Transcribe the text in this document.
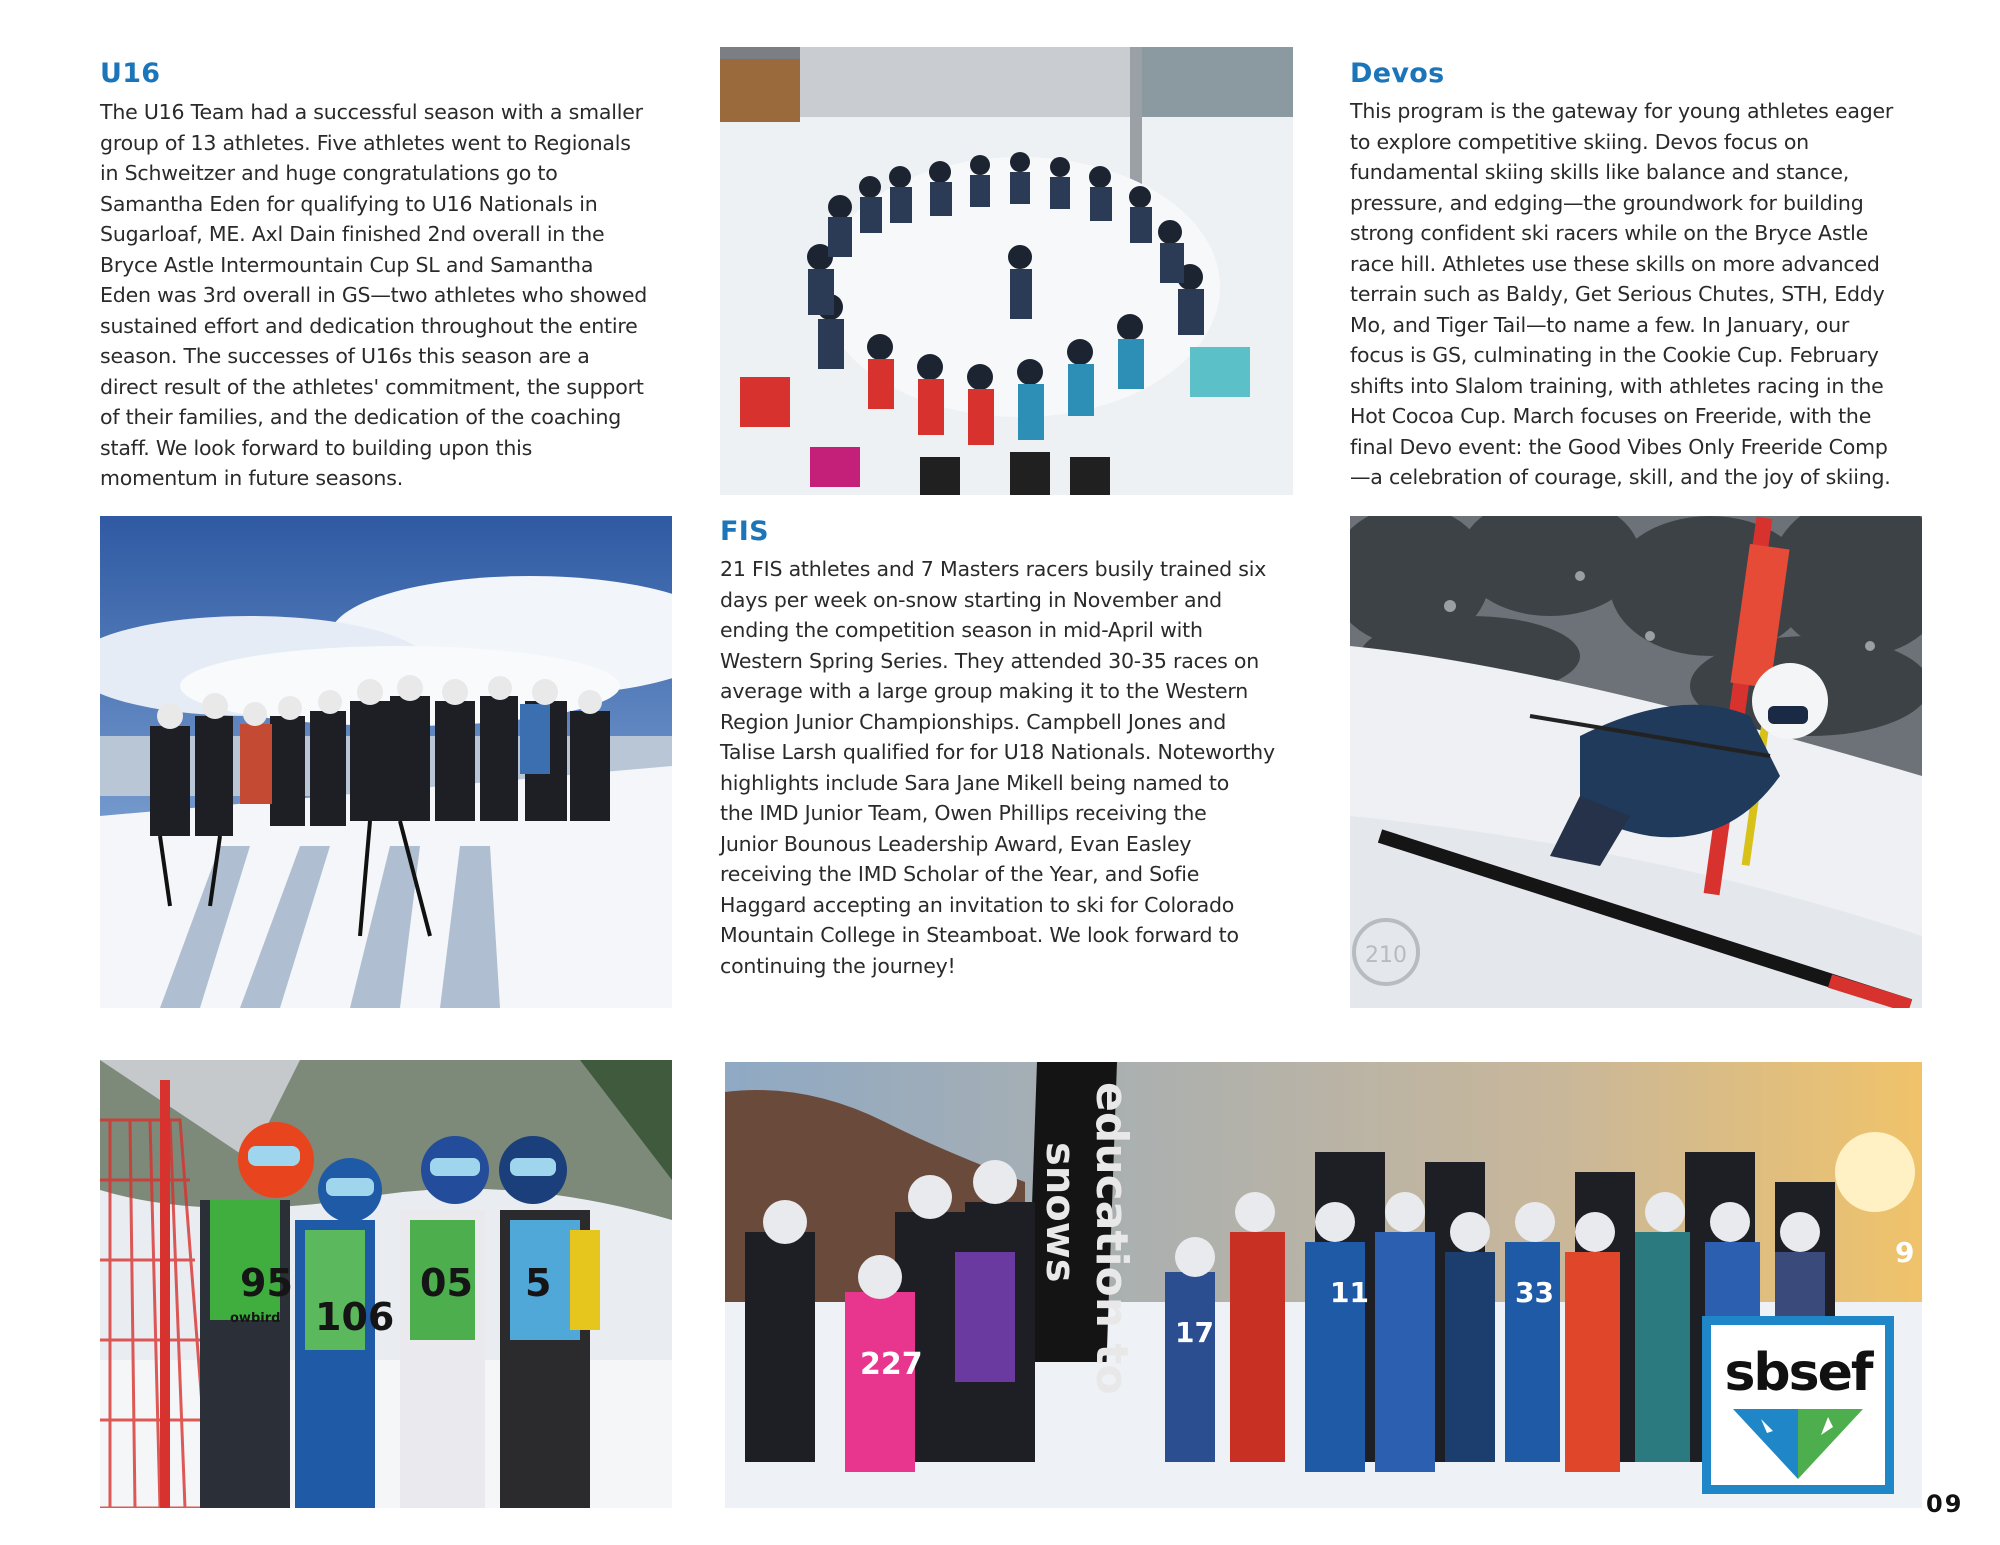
U16

The U16 Team had a successful season with a smaller
group of 13 athletes. Five athletes went to Regionals
in Schweitzer and huge congratulations go to
Samantha Eden for qualifying to U16 Nationals in
Sugarloaf, ME. Axl Dain finished 2nd overall in the
Bryce Astle Intermountain Cup SL and Samantha
Eden was 3rd overall in GS—two athletes who showed
sustained effort and dedication throughout the entire
season. The successes of U16s this season are a
direct result of the athletes' commitment, the support
of their families, and the dedication of the coaching
staff. We look forward to building upon this
momentum in future seasons.

Devos

This program is the gateway for young athletes eager
to explore competitive skiing. Devos focus on
fundamental skiing skills like balance and stance,
pressure, and edging—the groundwork for building
strong confident ski racers while on the Bryce Astle
race hill. Athletes use these skills on more advanced
terrain such as Baldy, Get Serious Chutes, STH, Eddy
Mo, and Tiger Tail—to name a few. In January, our
focus is GS, culminating in the Cookie Cup. February
shifts into Slalom training, with athletes racing in the
Hot Cocoa Cup. March focuses on Freeride, with the
final Devo event: the Good Vibes Only Freeride Comp
—a celebration of courage, skill, and the joy of skiing.

FIS

21 FIS athletes and 7 Masters racers busily trained six
days per week on-snow starting in November and
ending the competition season in mid-April with
Western Spring Series. They attended 30-35 races on
average with a large group making it to the Western
Region Junior Championships. Campbell Jones and
Talise Larsh qualified for for U18 Nationals. Noteworthy
highlights include Sara Jane Mikell being named to
the IMD Junior Team, Owen Phillips receiving the
Junior Bounous Leadership Award, Evan Easley
receiving the IMD Scholar of the Year, and Sofie
Haggard accepting an invitation to ski for Colorado
Mountain College in Steamboat. We look forward to
continuing the journey!	210
95
106
05 5
owbird	education to
snows
227
17
11	33
9
sbsef
09
